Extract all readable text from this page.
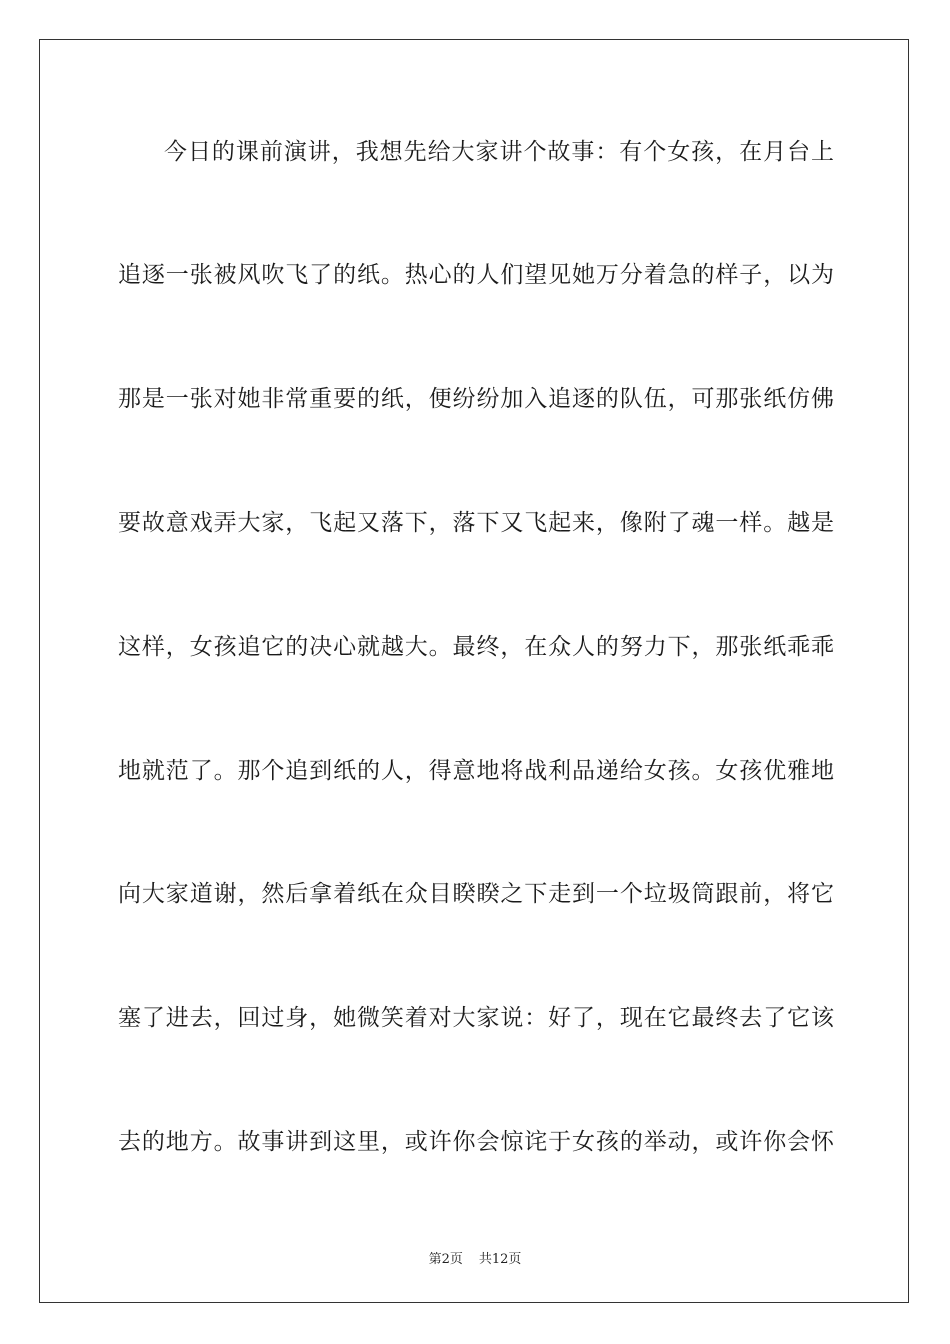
今日的课前演讲，我想先给大家讲个故事：有个女孩，在月台上
追逐一张被风吹飞了的纸。热心的人们望见她万分着急的样子，以为
那是一张对她非常重要的纸，便纷纷加入追逐的队伍，可那张纸仿佛
要故意戏弄大家，飞起又落下，落下又飞起来，像附了魂一样。越是
这样，女孩追它的决心就越大。最终，在众人的努力下，那张纸乖乖
地就范了。那个追到纸的人，得意地将战利品递给女孩。女孩优雅地
向大家道谢，然后拿着纸在众目睽睽之下走到一个垃圾筒跟前，将它
塞了进去，回过身，她微笑着对大家说：好了，现在它最终去了它该
去的地方。故事讲到这里，或许你会惊诧于女孩的举动，或许你会怀
第2页 共12页
